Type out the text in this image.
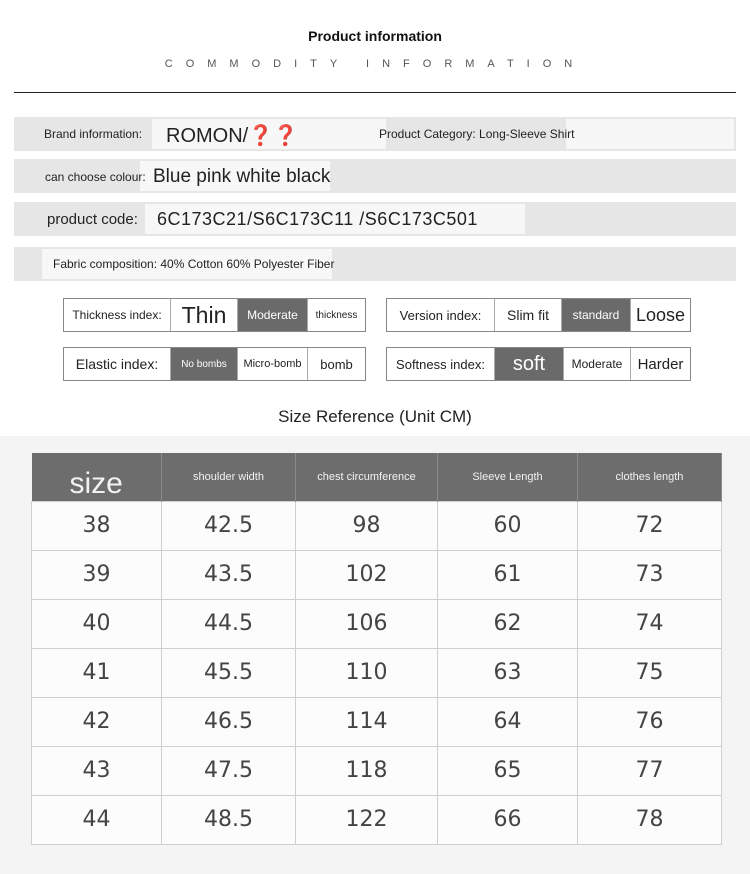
Product information
COMMODITY INFORMATION
Brand information: ROMON/❓❓	Product Category: Long-Sleeve Shirt
can choose colour: Blue pink white black
product code: 6C173C21/S6C173C11 /S6C173C501
Fabric composition: 40% Cotton 60% Polyester Fiber
Thickness index: Thin	Moderate	thickness	Version index:	Slim fit	standard Loose
Elastic index:	No bombs	Micro-bomb	bomb	Softness index:	soft	Moderate	Harder
Size Reference (Unit CM)
size	shoulder width	chest circumference	Sleeve Length	clothes length
38	42.5	98	60	72
39	43.5	102	61	73
40	44.5	106	62	74
41	45.5	110	63	75
42	46.5	114	64	76
43	47.5	118	65	77
44	48.5	122	66	78
